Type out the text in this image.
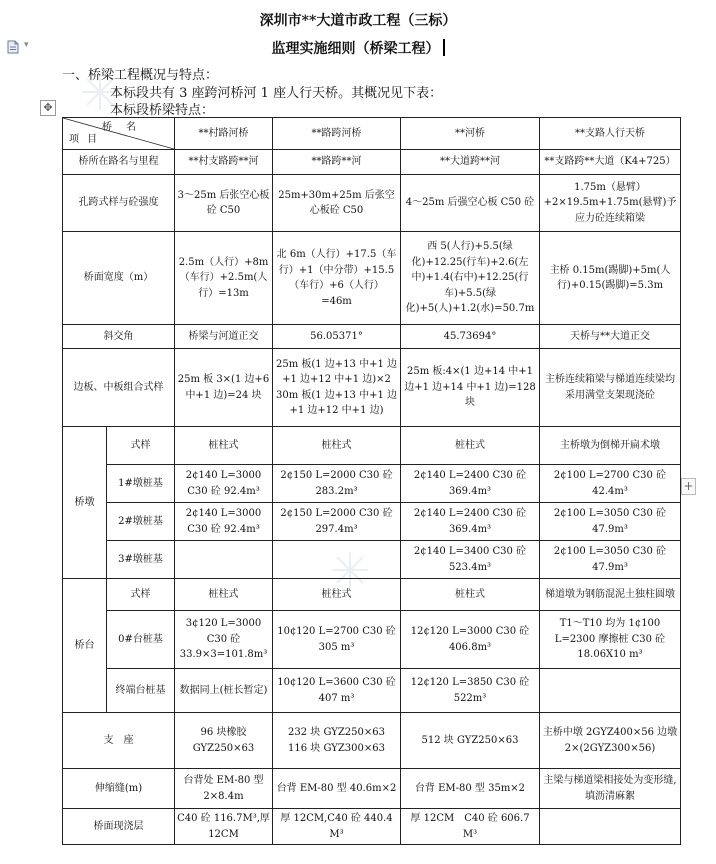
深圳市**大道市政工程（三标）
监理实施细则（桥梁工程）
▾
一、桥梁工程概况与特点：
本标段共有 3 座跨河桥河 1 座人行天桥。其概况见下表：
本标段桥梁特点：
✥
+
桥名
项目		**村路河桥	**路跨河桥	**河桥	**支路人行天桥
桥所在路名与里程		**村支路跨**河	**路跨**河	**大道跨**河	**支路跨**大道（K4+725）
孔跨式样与砼强度		3～25m 后张空心板砼 C50	25m+30m+25m 后张空心板砼 C50	4～25m 后强空心板 C50 砼	1.75m（悬臂）+2×19.5m+1.75m(悬臂)予应力砼连续箱梁
桥面宽度（m）		2.5m（人行）+8m（车行）+2.5m(人行）=13m	北 6m（人行）+17.5（车行）+1（中分带）+15.5（车行）+6（人行）=46m	西 5(人行)+5.5(绿化)+12.25(行车)+2.6(左中)+1.4(右中)+12.25(行车)+5.5(绿化)+5(人)+1.2(水)=50.7m	主桥 0.15m(踢脚)+5m(人行)+0.15(踢脚)=5.3m
斜交角		桥梁与河道正交	56.05371°	45.73694°	天桥与**大道正交
边板、中板组合式样		25m 板 3×(1 边+6 中+1 边)=24 块	25m 板(1 边+13 中+1 边+1 边+12 中+1 边)×2 30m 板(1 边+13 中+1 边+1 边+12 中+1 边)	25m 板:4×(1 边+14 中+1 边+1 边+14 中+1 边)=128 块	主桥连续箱梁与梯道连续梁均采用满堂支架现浇砼
桥墩	式样	桩柱式	桩柱式	桩柱式	主桥墩为倒梯开扁术墩
	1#墩桩基	2¢140 L=3000 C30 砼 92.4m³	2¢150 L=2000 C30 砼 283.2m³	2¢140 L=2400 C30 砼 369.4m³	2¢100 L=2700 C30 砼 42.4m³
	2#墩桩基	2¢140 L=3000 C30 砼 92.4m³	2¢150 L=2000 C30 砼 297.4m³	2¢140 L=2400 C30 砼 369.4m³	2¢100 L=3050 C30 砼 47.9m³
	3#墩桩基			2¢140 L=3400 C30 砼 523.4m³	2¢100 L=3050 C30 砼 47.9m³
桥台	式样	桩柱式	桩柱式	桩柱式	梯道墩为钢筋混泥土独柱圆墩
	0#台桩基	3¢120 L=3000 C30 砼 33.9×3=101.8m³	10¢120 L=2700 C30 砼 305 m³	12¢120 L=3000 C30 砼 406.8m³	T1～T10 均为 1¢100 L=2300 摩擦桩 C30 砼 18.06X10 m³
	终端台桩基	数据同上(桩长暂定)	10¢120 L=3600 C30 砼 407 m³	12¢120 L=3850 C30 砼 522m³	
支　座		96 块橡胶 GYZ250×63	232 块 GYZ250×63　116 块 GYZ300×63	512 块 GYZ250×63	主桥中墩 2GYZ400×56 边墩 2×(2GYZ300×56)
伸缩缝(m)		台背处 EM-80 型 2×8.4m	台背 EM-80 型 40.6m×2	台背 EM-80 型 35m×2	主梁与梯道梁相接处为变形缝,填沥清麻絮
桥面现浇层		C40 砼 116.7M³,厚 12CM	厚 12CM,C40 砼 440.4 M³	厚 12CM　C40 砼 606.7 M³	
